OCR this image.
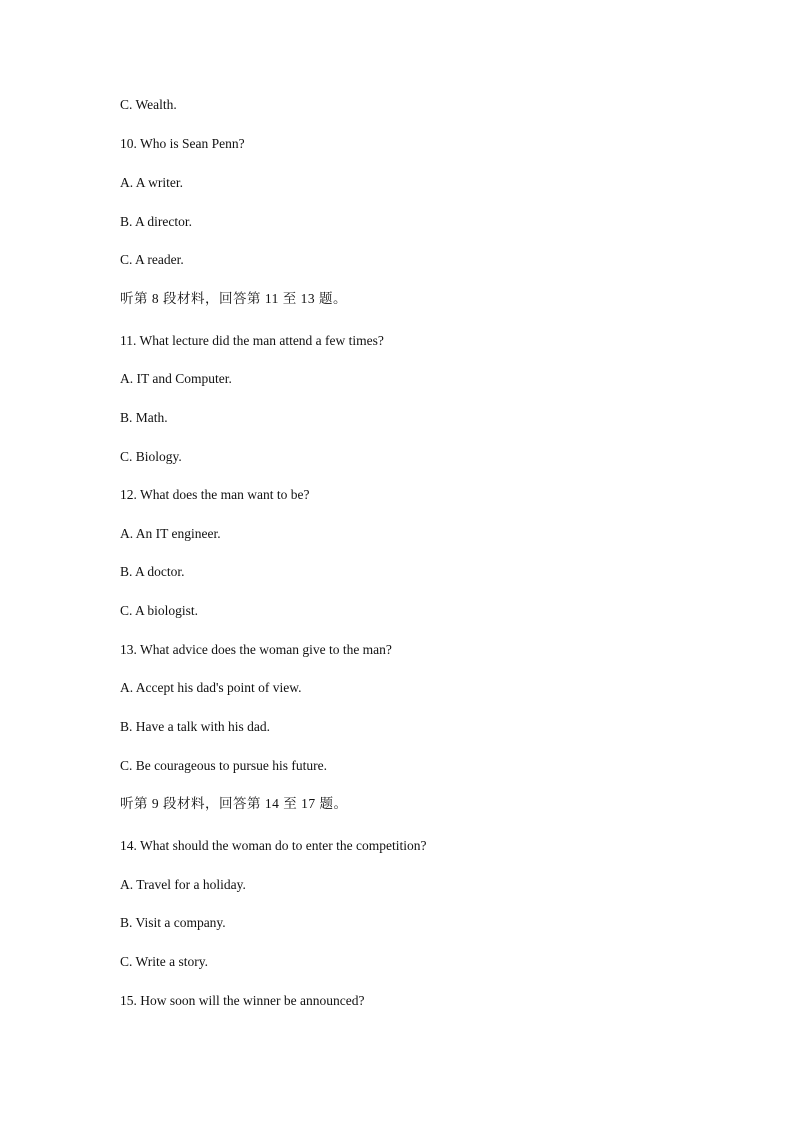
C. Wealth.
10. Who is Sean Penn?
A. A writer.
B. A director.
C. A reader.
听第 8 段材料，回答第 11 至 13 题。
11. What lecture did the man attend a few times?
A. IT and Computer.
B. Math.
C. Biology.
12. What does the man want to be?
A. An IT engineer.
B. A doctor.
C. A biologist.
13. What advice does the woman give to the man?
A. Accept his dad's point of view.
B. Have a talk with his dad.
C. Be courageous to pursue his future.
听第 9 段材料，回答第 14 至 17 题。
14. What should the woman do to enter the competition?
A. Travel for a holiday.
B. Visit a company.
C. Write a story.
15. How soon will the winner be announced?
